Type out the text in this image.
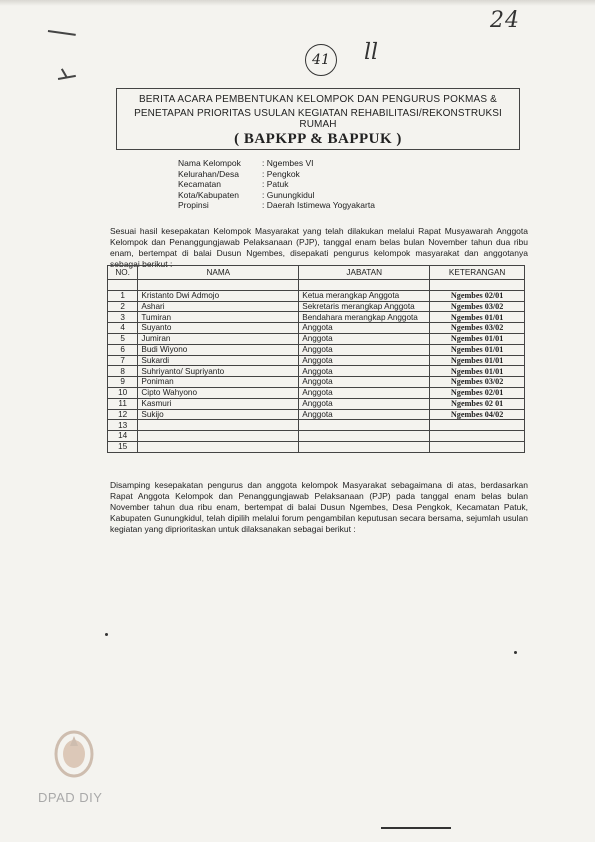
24
41	ll
BERITA ACARA PEMBENTUKAN KELOMPOK DAN PENGURUS POKMAS &
PENETAPAN PRIORITAS USULAN KEGIATAN REHABILITASI/REKONSTRUKSI RUMAH
( BAPKPP & BAPPUK )
Nama Kelompok	: Ngembes VI
Kelurahan/Desa	: Pengkok
Kecamatan	: Patuk
Kota/Kabupaten	: Gunungkidul
Propinsi	: Daerah Istimewa Yogyakarta
Sesuai hasil kesepakatan Kelompok Masyarakat yang telah dilakukan melalui Rapat Musyawarah Anggota Kelompok dan Penanggungjawab Pelaksanaan (PJP), tanggal enam belas bulan November tahun dua ribu enam, bertempat di balai Dusun Ngembes, disepakati pengurus kelompok masyarakat dan anggotanya sebagai berikut :
NO.	NAMA	JABATAN	KETERANGAN

1	Kristanto Dwi Admojo	Ketua merangkap Anggota	Ngembes 02/01
2	Ashari	Sekretaris merangkap Anggota	Ngembes 03/02
3	Tumiran	Bendahara merangkap Anggota	Ngembes 01/01
4	Suyanto	Anggota	Ngembes 03/02
5	Jumiran	Anggota	Ngembes 01/01
6	Budi Wiyono	Anggota	Ngembes 01/01
7	Sukardi	Anggota	Ngembes 01/01
8	Suhriyanto/ Supriyanto	Anggota	Ngembes 01/01
9	Poniman	Anggota	Ngembes 03/02
10	Cipto Wahyono	Anggota	Ngembes 02/01
11	Kasmuri	Anggota	Ngembes 02 01
12	Sukijo	Anggota	Ngembes 04/02
13			
14			
15			
Disamping kesepakatan pengurus dan anggota kelompok Masyarakat sebagaimana di atas, berdasarkan Rapat Anggota Kelompok dan Penanggungjawab Pelaksanaan (PJP) pada tanggal enam belas bulan November tahun dua ribu enam, bertempat di balai Dusun Ngembes, Desa Pengkok, Kecamatan Patuk, Kabupaten Gunungkidul, telah dipilih melalui forum pengambilan keputusan secara bersama, sejumlah usulan kegiatan yang diprioritaskan untuk dilaksanakan sebagai berikut :
DPAD DIY
